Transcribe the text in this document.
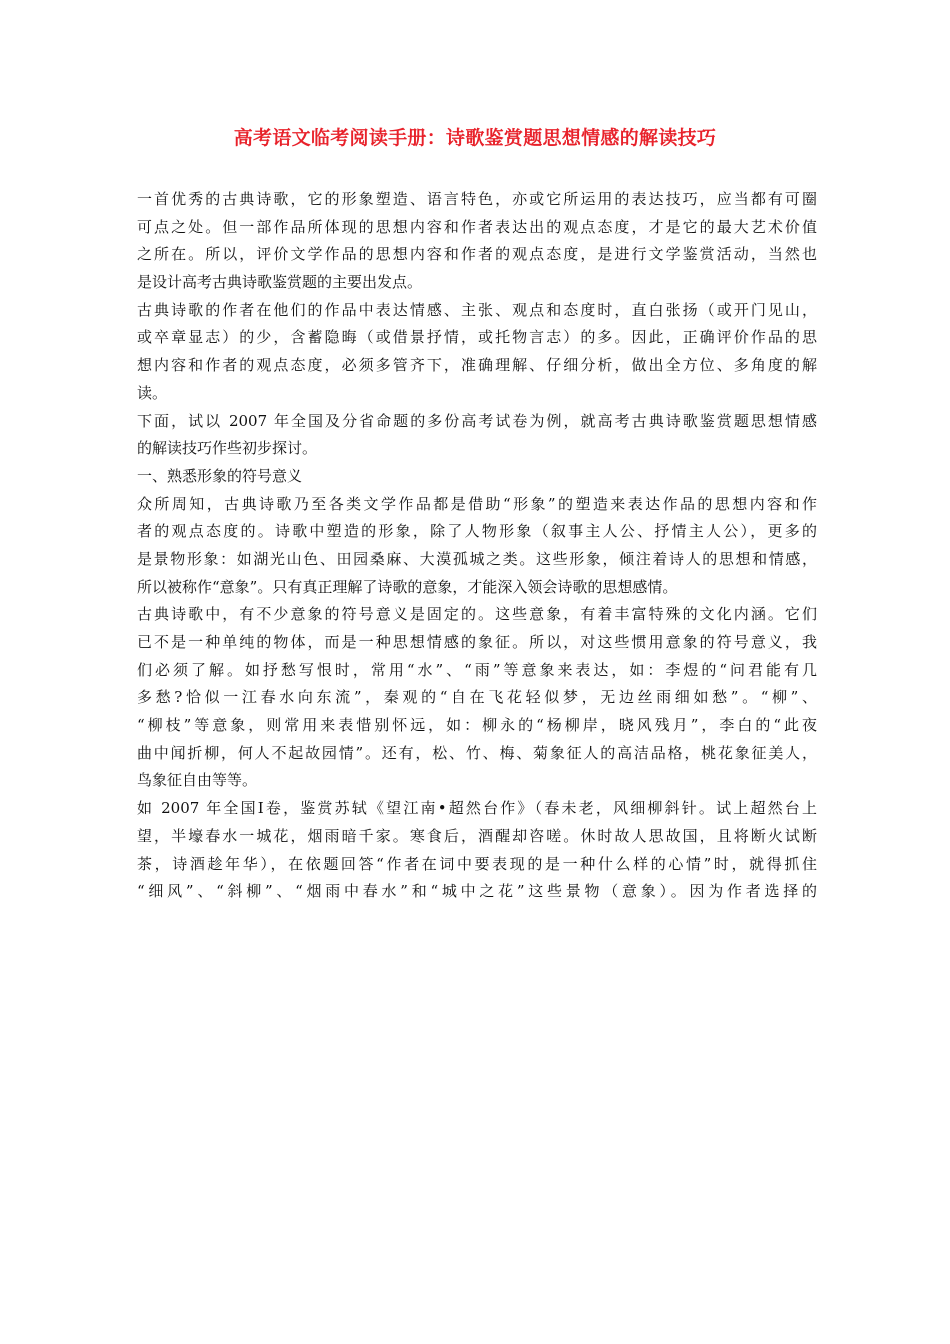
高考语文临考阅读手册：诗歌鉴赏题思想情感的解读技巧
一首优秀的古典诗歌，它的形象塑造、语言特色，亦或它所运用的表达技巧，应当都有可圈
可点之处。但一部作品所体现的思想内容和作者表达出的观点态度，才是它的最大艺术价值
之所在。所以，评价文学作品的思想内容和作者的观点态度，是进行文学鉴赏活动，当然也
是设计高考古典诗歌鉴赏题的主要出发点。
古典诗歌的作者在他们的作品中表达情感、主张、观点和态度时，直白张扬（或开门见山，
或卒章显志）的少，含蓄隐晦（或借景抒情，或托物言志）的多。因此，正确评价作品的思
想内容和作者的观点态度，必须多管齐下，准确理解、仔细分析，做出全方位、多角度的解
读。
下面，试以 2007 年全国及分省命题的多份高考试卷为例，就高考古典诗歌鉴赏题思想情感
的解读技巧作些初步探讨。
一、熟悉形象的符号意义
众所周知，古典诗歌乃至各类文学作品都是借助“形象”的塑造来表达作品的思想内容和作
者的观点态度的。诗歌中塑造的形象，除了人物形象（叙事主人公、抒情主人公），更多的
是景物形象：如湖光山色、田园桑麻、大漠孤城之类。这些形象，倾注着诗人的思想和情感，
所以被称作“意象”。只有真正理解了诗歌的意象，才能深入领会诗歌的思想感情。
古典诗歌中，有不少意象的符号意义是固定的。这些意象，有着丰富特殊的文化内涵。它们
已不是一种单纯的物体，而是一种思想情感的象征。所以，对这些惯用意象的符号意义，我
们必须了解。如抒愁写恨时，常用“水”、“雨”等意象来表达，如：李煜的“问君能有几
多愁?恰似一江春水向东流”，秦观的“自在飞花轻似梦，无边丝雨细如愁”。“柳”、
“柳枝”等意象，则常用来表惜别怀远，如：柳永的“杨柳岸，晓风残月”，李白的“此夜
曲中闻折柳，何人不起故园情”。还有，松、竹、梅、菊象征人的高洁品格，桃花象征美人，
鸟象征自由等等。
如 2007 年全国Ⅰ卷，鉴赏苏轼《望江南•超然台作》（春未老，风细柳斜针。试上超然台上
望，半壕春水一城花，烟雨暗千家。寒食后，酒醒却咨嗟。休时故人思故国，且将断火试断
茶，诗酒趁年华），在依题回答“作者在词中要表现的是一种什么样的心情”时，就得抓住
“细风”、“斜柳”、“烟雨中春水”和“城中之花”这些景物（意象）。因为作者选择的
